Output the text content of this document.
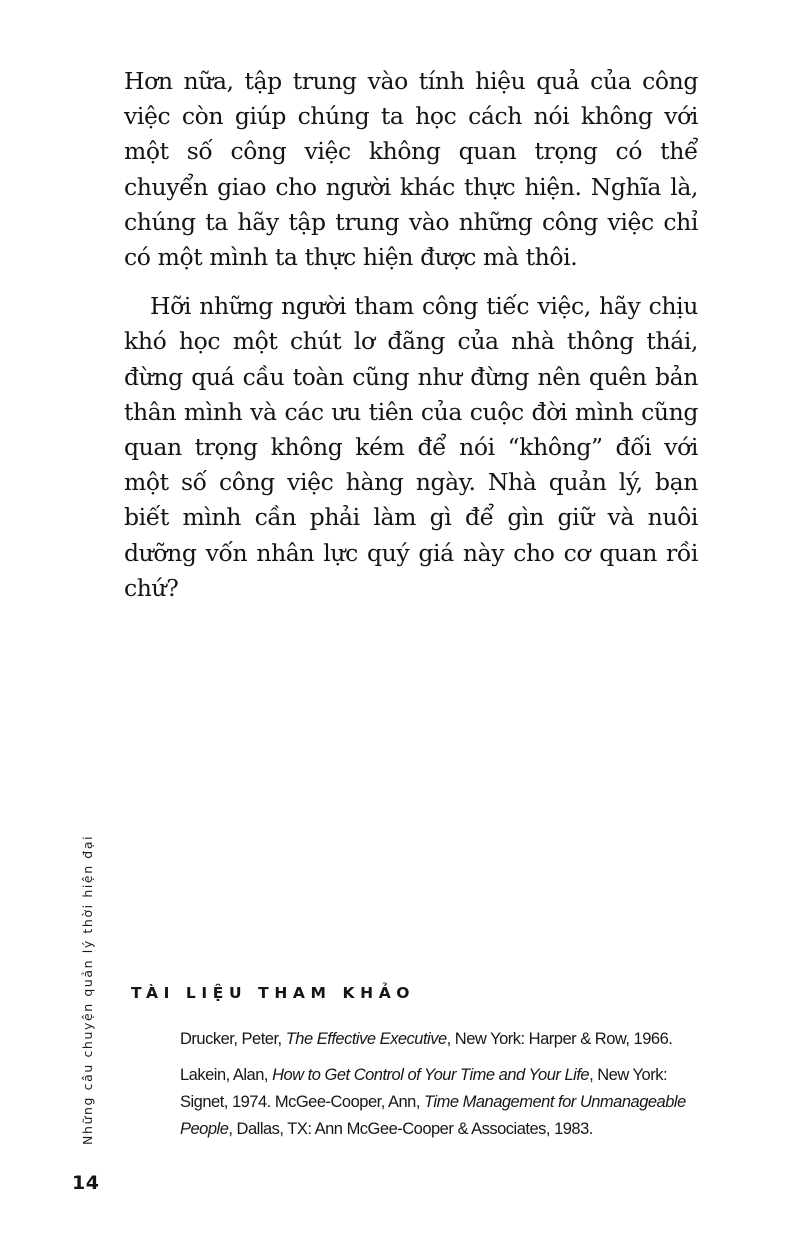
Hơn nữa, tập trung vào tính hiệu quả của công việc còn giúp chúng ta học cách nói không với một số công việc không quan trọng có thể chuyển giao cho người khác thực hiện. Nghĩa là, chúng ta hãy tập trung vào những công việc chỉ có một mình ta thực hiện được mà thôi.

Hỡi những người tham công tiếc việc, hãy chịu khó học một chút lơ đãng của nhà thông thái, đừng quá cầu toàn cũng như đừng nên quên bản thân mình và các ưu tiên của cuộc đời mình cũng quan trọng không kém để nói “không” đối với một số công việc hàng ngày. Nhà quản lý, bạn biết mình cần phải làm gì để gìn giữ và nuôi dưỡng vốn nhân lực quý giá này cho cơ quan rồi chứ?

Những câu chuyện quản lý thời hiện đại TÀI LIỆU THAM KHẢO

Drucker, Peter, The Effective Executive, New York: Harper & Row, 1966.

Lakein, Alan, How to Get Control of Your Time and Your Life, New York: Signet, 1974. McGee-Cooper, Ann, Time Management for Unmanageable People, Dallas, TX: Ann McGee-Cooper & Associates, 1983.

14
